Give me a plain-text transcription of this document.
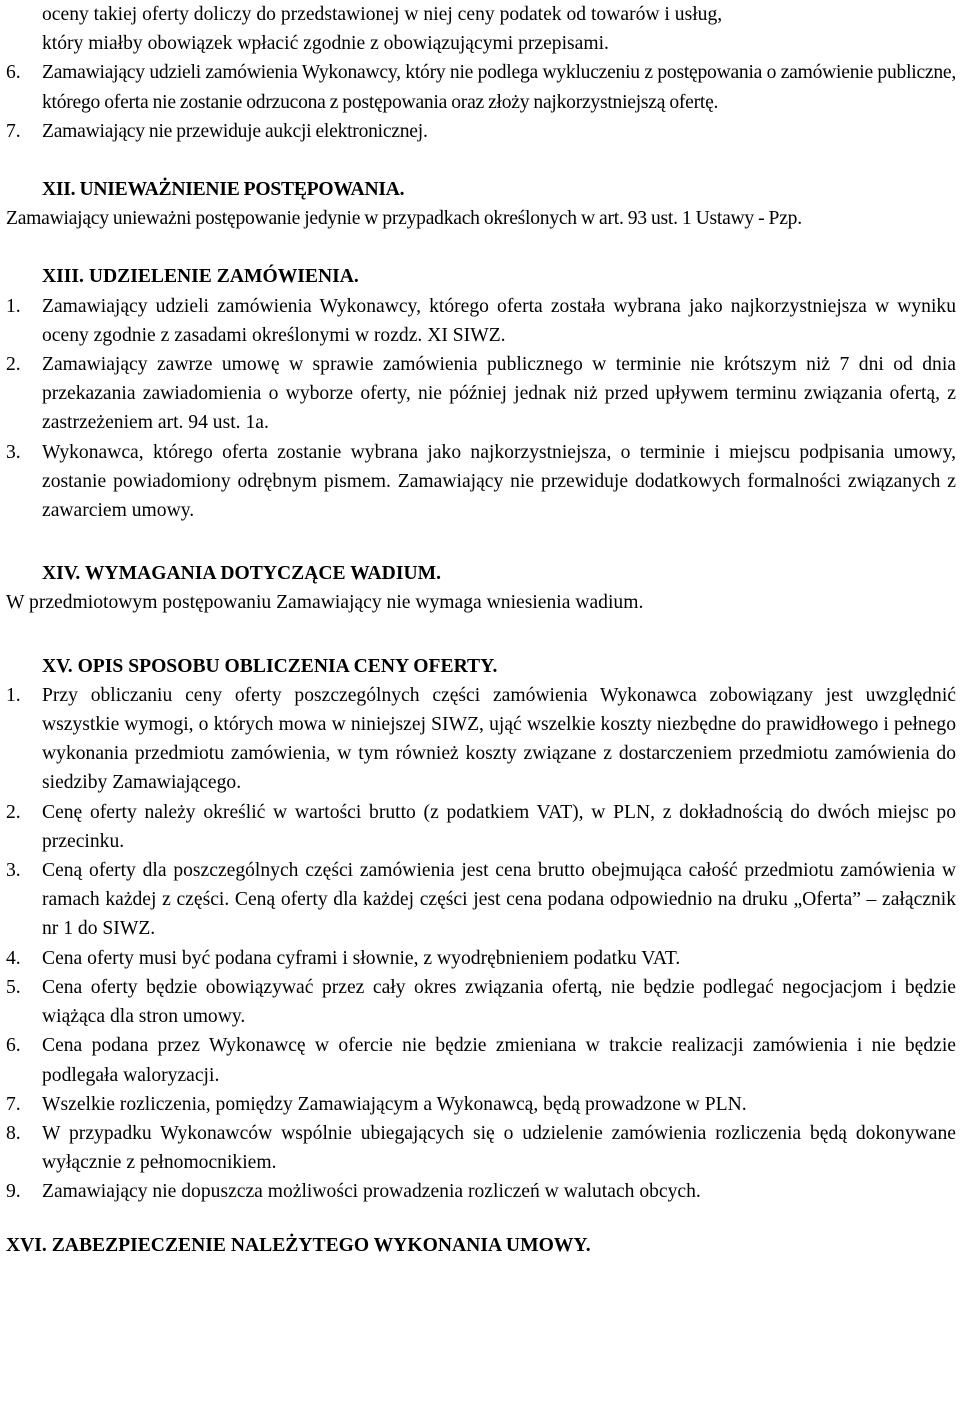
oceny takiej oferty doliczy do przedstawionej w niej ceny podatek od towarów i usług,

który miałby obowiązek wpłacić zgodnie z obowiązującymi przepisami.

6.	Zamawiający udzieli zamówienia Wykonawcy, który nie podlega wykluczeniu z postępowania o zamówienie publiczne, którego oferta nie zostanie odrzucona z postępowania oraz złoży najkorzystniejszą ofertę.

7.	Zamawiający nie przewiduje aukcji elektronicznej.

XII. UNIEWAŻNIENIE POSTĘPOWANIA.

Zamawiający unieważni postępowanie jedynie w przypadkach określonych w art. 93 ust. 1 Ustawy - Pzp.

XIII. UDZIELENIE ZAMÓWIENIA.
1.	Zamawiający udzieli zamówienia Wykonawcy, którego oferta została wybrana jako najkorzystniejsza w wyniku oceny zgodnie z zasadami określonymi w rozdz. XI SIWZ.

2.	Zamawiający zawrze umowę w sprawie zamówienia publicznego w terminie nie krótszym niż 7 dni od dnia przekazania zawiadomienia o wyborze oferty, nie później jednak niż przed upływem terminu związania ofertą, z zastrzeżeniem art. 94 ust. 1a.

3.	Wykonawca, którego oferta zostanie wybrana jako najkorzystniejsza, o terminie i miejscu podpisania umowy, zostanie powiadomiony odrębnym pismem. Zamawiający nie przewiduje dodatkowych formalności związanych z zawarciem umowy.

XIV. WYMAGANIA DOTYCZĄCE WADIUM.

W przedmiotowym postępowaniu Zamawiający nie wymaga wniesienia wadium.

XV. OPIS SPOSOBU OBLICZENIA CENY OFERTY.
1.	Przy obliczaniu ceny oferty poszczególnych części zamówienia Wykonawca zobowiązany jest uwzględnić wszystkie wymogi, o których mowa w niniejszej SIWZ, ująć wszelkie koszty niezbędne do prawidłowego i pełnego wykonania przedmiotu zamówienia, w tym również koszty związane z dostarczeniem przedmiotu zamówienia do siedziby Zamawiającego.

2.	Cenę oferty należy określić w wartości brutto (z podatkiem VAT), w PLN, z dokładnością do dwóch miejsc po przecinku.

3.	Ceną oferty dla poszczególnych części zamówienia jest cena brutto obejmująca całość przedmiotu zamówienia w ramach każdej z części. Ceną oferty dla każdej części jest cena podana odpowiednio na druku „Oferta” – załącznik nr 1 do SIWZ.

4.	Cena oferty musi być podana cyframi i słownie, z wyodrębnieniem podatku VAT.

5.	Cena oferty będzie obowiązywać przez cały okres związania ofertą, nie będzie podlegać negocjacjom i będzie wiążąca dla stron umowy.

6.	Cena podana przez Wykonawcę w ofercie nie będzie zmieniana w trakcie realizacji zamówienia i nie będzie podlegała waloryzacji.

7.	Wszelkie rozliczenia, pomiędzy Zamawiającym a Wykonawcą, będą prowadzone w PLN.

8.	W przypadku Wykonawców wspólnie ubiegających się o udzielenie zamówienia rozliczenia będą dokonywane wyłącznie z pełnomocnikiem.

9.	Zamawiający nie dopuszcza możliwości prowadzenia rozliczeń w walutach obcych.

XVI. ZABEZPIECZENIE NALEŻYTEGO WYKONANIA UMOWY.
